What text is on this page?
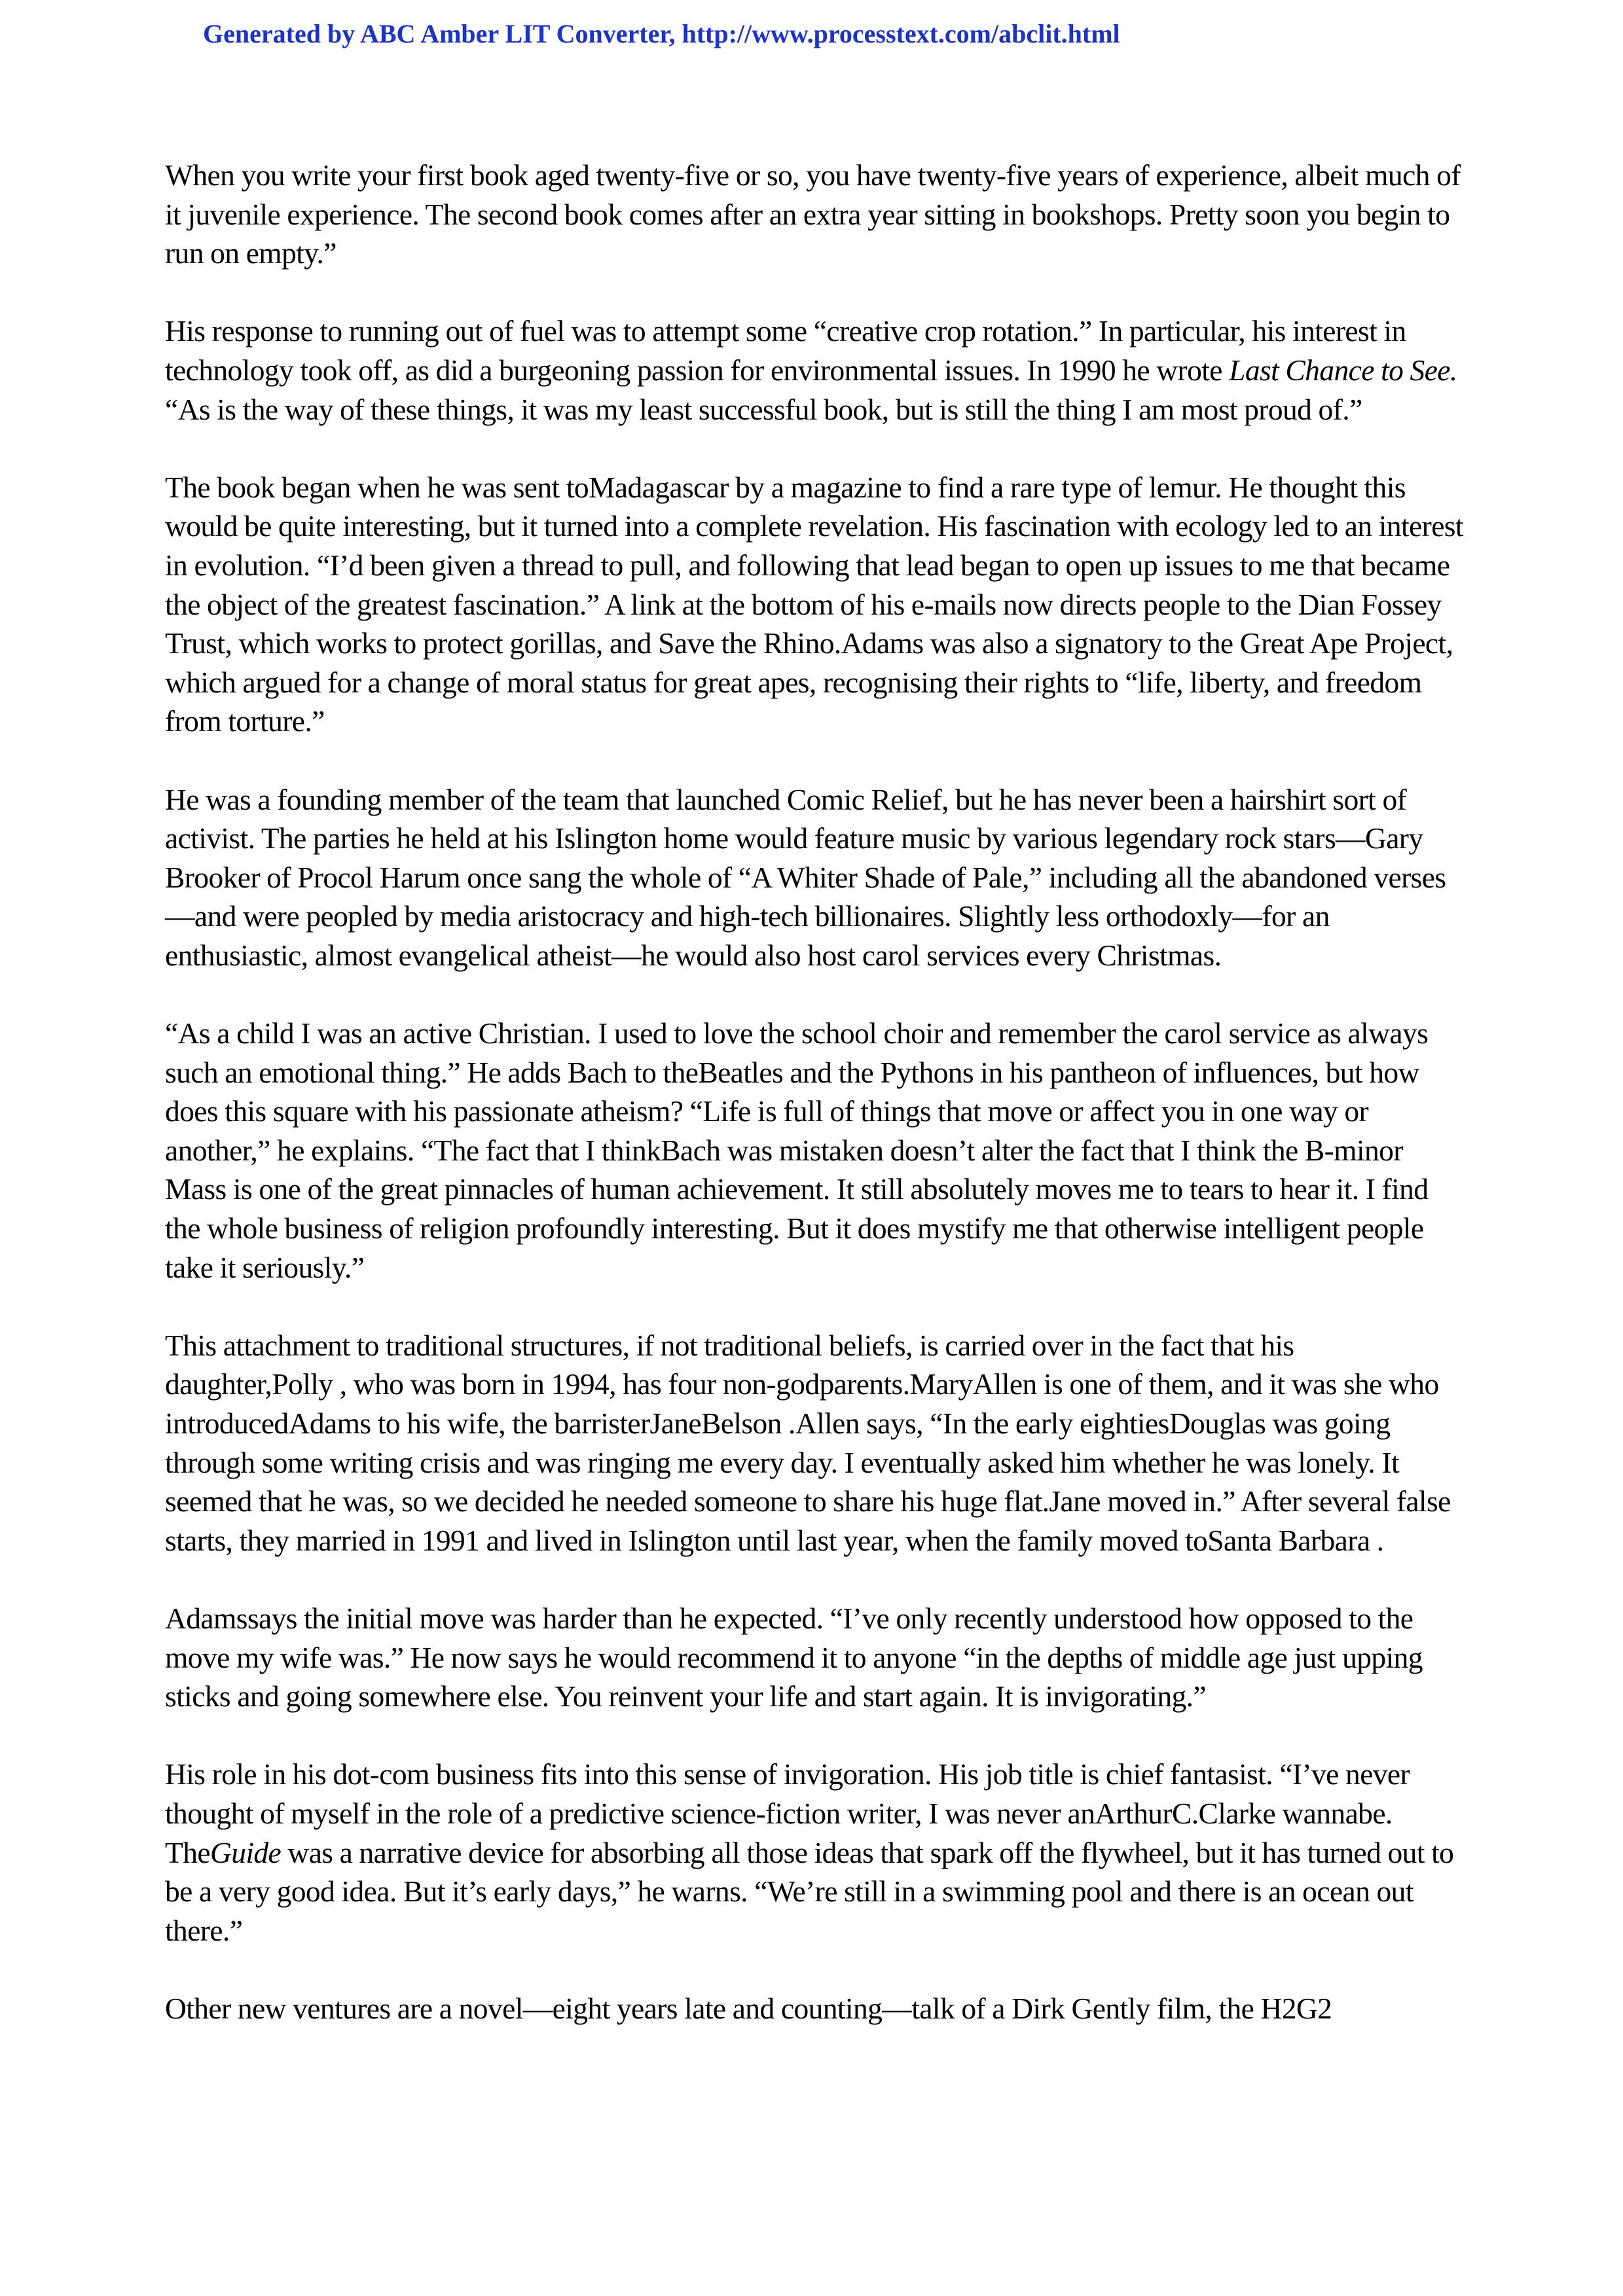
Generated by ABC Amber LIT Converter, http://www.processtext.com/abclit.html

When you write your first book aged twenty-five or so, you have twenty-five years of experience, albeit much of it juvenile experience. The second book comes after an extra year sitting in bookshops. Pretty soon you begin to run on empty.”

His response to running out of fuel was to attempt some “creative crop rotation.” In particular, his interest in technology took off, as did a burgeoning passion for environmental issues. In 1990 he wrote Last Chance to See. “As is the way of these things, it was my least successful book, but is still the thing I am most proud of.”

The book began when he was sent toMadagascar by a magazine to find a rare type of lemur. He thought this would be quite interesting, but it turned into a complete revelation. His fascination with ecology led to an interest in evolution. “I’d been given a thread to pull, and following that lead began to open up issues to me that became the object of the greatest fascination.” A link at the bottom of his e-mails now directs people to the Dian Fossey Trust, which works to protect gorillas, and Save the Rhino.Adams was also a signatory to the Great Ape Project, which argued for a change of moral status for great apes, recognising their rights to “life, liberty, and freedom from torture.”

He was a founding member of the team that launched Comic Relief, but he has never been a hairshirt sort of activist. The parties he held at his Islington home would feature music by various legendary rock stars—Gary Brooker of Procol Harum once sang the whole of “A Whiter Shade of Pale,” including all the abandoned verses—and were peopled by media aristocracy and high-tech billionaires. Slightly less orthodoxly—for an enthusiastic, almost evangelical atheist—he would also host carol services every Christmas.

“As a child I was an active Christian. I used to love the school choir and remember the carol service as always such an emotional thing.” He adds Bach to theBeatles and the Pythons in his pantheon of influences, but how does this square with his passionate atheism? “Life is full of things that move or affect you in one way or another,” he explains. “The fact that I thinkBach was mistaken doesn’t alter the fact that I think the B-minor Mass is one of the great pinnacles of human achievement. It still absolutely moves me to tears to hear it. I find the whole business of religion profoundly interesting. But it does mystify me that otherwise intelligent people take it seriously.”

This attachment to traditional structures, if not traditional beliefs, is carried over in the fact that his daughter,Polly , who was born in 1994, has four non-godparents.MaryAllen is one of them, and it was she who introducedAdams to his wife, the barristerJaneBelson .Allen says, “In the early eightiesDouglas was going through some writing crisis and was ringing me every day. I eventually asked him whether he was lonely. It seemed that he was, so we decided he needed someone to share his huge flat.Jane moved in.” After several false starts, they married in 1991 and lived in Islington until last year, when the family moved toSanta Barbara .

Adamssays the initial move was harder than he expected. “I’ve only recently understood how opposed to the move my wife was.” He now says he would recommend it to anyone “in the depths of middle age just upping sticks and going somewhere else. You reinvent your life and start again. It is invigorating.”

His role in his dot-com business fits into this sense of invigoration. His job title is chief fantasist. “I’ve never thought of myself in the role of a predictive science-fiction writer, I was never anArthurC.Clarke wannabe. TheGuide was a narrative device for absorbing all those ideas that spark off the flywheel, but it has turned out to be a very good idea. But it’s early days,” he warns. “We’re still in a swimming pool and there is an ocean out there.”

Other new ventures are a novel—eight years late and counting—talk of a Dirk Gently film, the H2G2
